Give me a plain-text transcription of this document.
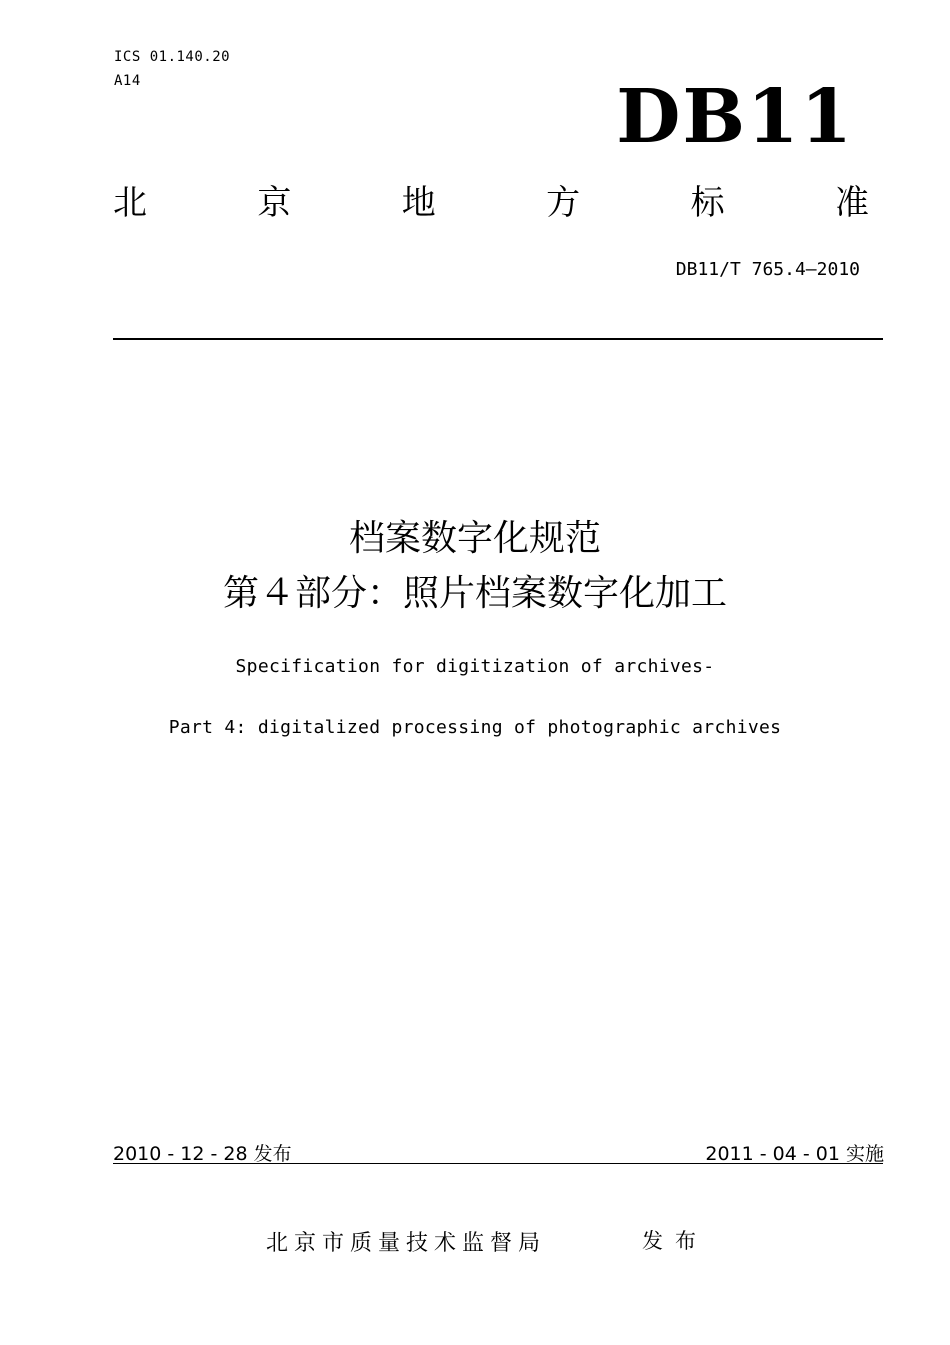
ICS 01.140.20
A14	DB11
北	京	地	方	标	准
DB11/T 765.4—2010
档案数字化规范
第４部分：照片档案数字化加工
Specification for digitization of archives-
Part 4: digitalized processing of photographic archives
2010 - 12 - 28 发布	2011 - 04 - 01 实施
北京市质量技术监督局	发布
